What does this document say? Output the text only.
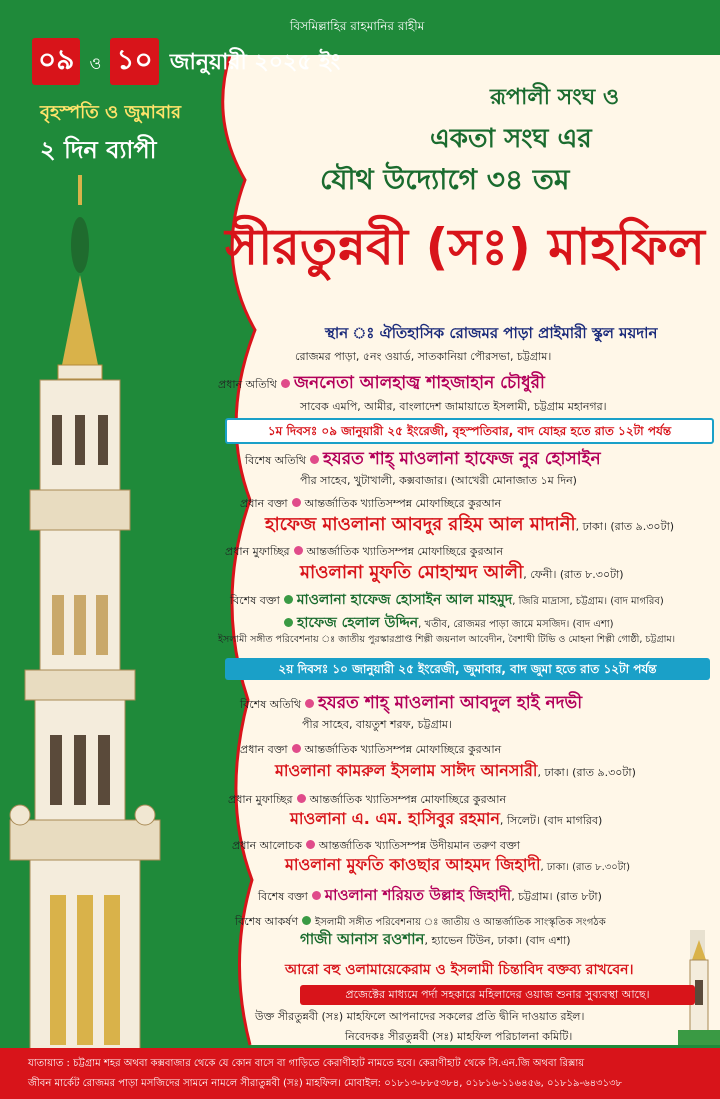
বিসমিল্লাহির রাহমানির রাহীম
০৯ ও ১০ জানুয়ারী ২০২৫ ইং
বৃহস্পতি ও জুমাবার
২ দিন ব্যাপী
রূপালী সংঘ ও
একতা সংঘ এর
যৌথ উদ্যোগে ৩৪ তম
সীরতুন্নবী (সঃ) মাহফিল
স্থান ঃ ঐতিহাসিক রোজমর পাড়া প্রাইমারী স্কুল ময়দান
রোজমর পাড়া, ৫নং ওয়ার্ড, সাতকানিয়া পৌরসভা, চট্টগ্রাম।
প্রধান অতিথি জননেতা আলহাজ্ব শাহজাহান চৌধুরী
সাবেক এমপি, আমীর, বাংলাদেশ জামায়াতে ইসলামী, চট্টগ্রাম মহানগর।
১ম দিবসঃ ০৯ জানুয়ারী ২৫ ইংরেজী, বৃহস্পতিবার, বাদ যোহর হতে রাত ১২টা পর্যন্ত
বিশেষ অতিথি হযরত শাহ্ মাওলানা হাফেজ নুর হোসাইন
পীর সাহেব, খুটাখালী, কক্সবাজার। (আখেরী মোনাজাত ১ম দিন)
প্রধান বক্তা আন্তর্জাতিক খ্যাতিসম্পন্ন মোফাচ্ছিরে কুরআন
হাফেজ মাওলানা আবদুর রহিম আল মাদানী, ঢাকা। (রাত ৯.৩০টা)
প্রধান মুফাচ্ছির আন্তর্জাতিক খ্যাতিসম্পন্ন মোফাচ্ছিরে কুরআন
মাওলানা মুফতি মোহাম্মদ আলী, ফেনী। (রাত ৮.৩০টা)
বিশেষ বক্তা মাওলানা হাফেজ হোসাইন আল মাহমুদ, জিরি মাদ্রাসা, চট্টগ্রাম। (বাদ মাগরিব)
হাফেজ হেলাল উদ্দিন, খতীব, রোজমর পাড়া জামে মসজিদ। (বাদ এশা)
ইসলামী সঙ্গীত পরিবেশনায় ঃ জাতীয় পুরস্কারপ্রাপ্ত শিল্পী জয়নাল আবেদীন, বৈশাখী টিভি ও মোহনা শিল্পী গোষ্ঠী, চট্টগ্রাম।
২য় দিবসঃ ১০ জানুয়ারী ২৫ ইংরেজী, জুমাবার, বাদ জুমা হতে রাত ১২টা পর্যন্ত
বিশেষ অতিথি হযরত শাহ্ মাওলানা আবদুল হাই নদভী
পীর সাহেব, বায়তুশ শরফ, চট্টগ্রাম।
প্রধান বক্তা আন্তর্জাতিক খ্যাতিসম্পন্ন মোফাচ্ছিরে কুরআন
মাওলানা কামরুল ইসলাম সাঈদ আনসারী, ঢাকা। (রাত ৯.৩০টা)
প্রধান মুফাচ্ছির আন্তর্জাতিক খ্যাতিসম্পন্ন মোফাচ্ছিরে কুরআন
মাওলানা এ. এম. হাসিবুর রহমান, সিলেট। (বাদ মাগরিব)
প্রধান আলোচক আন্তর্জাতিক খ্যাতিসম্পন্ন উদীয়মান তরুণ বক্তা
মাওলানা মুফতি কাওছার আহমদ জিহাদী, ঢাকা। (রাত ৮.৩০টা)
বিশেষ বক্তা মাওলানা শরিয়ত উল্লাহ জিহাদী, চট্টগ্রাম। (রাত ৮টা)
বিশেষ আকর্ষণ ইসলামী সঙ্গীত পরিবেশনায় ঃ জাতীয় ও আন্তর্জাতিক সাংস্কৃতিক সংগঠক
গাজী আনাস রওশান, হ্যাভেন টিউন, ঢাকা। (বাদ এশা)
আরো বহু ওলামায়েকেরাম ও ইসলামী চিন্তাবিদ বক্তব্য রাখবেন।
প্রজেক্টের মাধ্যমে পর্দা সহকারে মহিলাদের ওয়াজ শুনার সুব্যবস্থা আছে।
উক্ত সীরতুন্নবী (সঃ) মাহফিলে আপনাদের সকলের প্রতি দ্বীনি দাওয়াত রইল।
নিবেদকঃ সীরতুন্নবী (সঃ) মাহফিল পরিচালনা কমিটি।
যাতায়াত : চট্টগ্রাম শহর অথবা কক্সবাজার থেকে যে কোন বাসে বা গাড়িতে কেরাণীহাট নামতে হবে। কেরাণীহাট থেকে সি.এন.জি অথবা রিক্সায়
জীবন মার্কেট রোজমর পাড়া মসজিদের সামনে নামলে সীরাতুন্নবী (সঃ) মাহফিল। মোবাইল: ০১৮১৩-৮৮৫৩৮৪, ০১৮১৬-১১৬৪৫৬, ০১৮১৯-৬৪৩১৩৮
